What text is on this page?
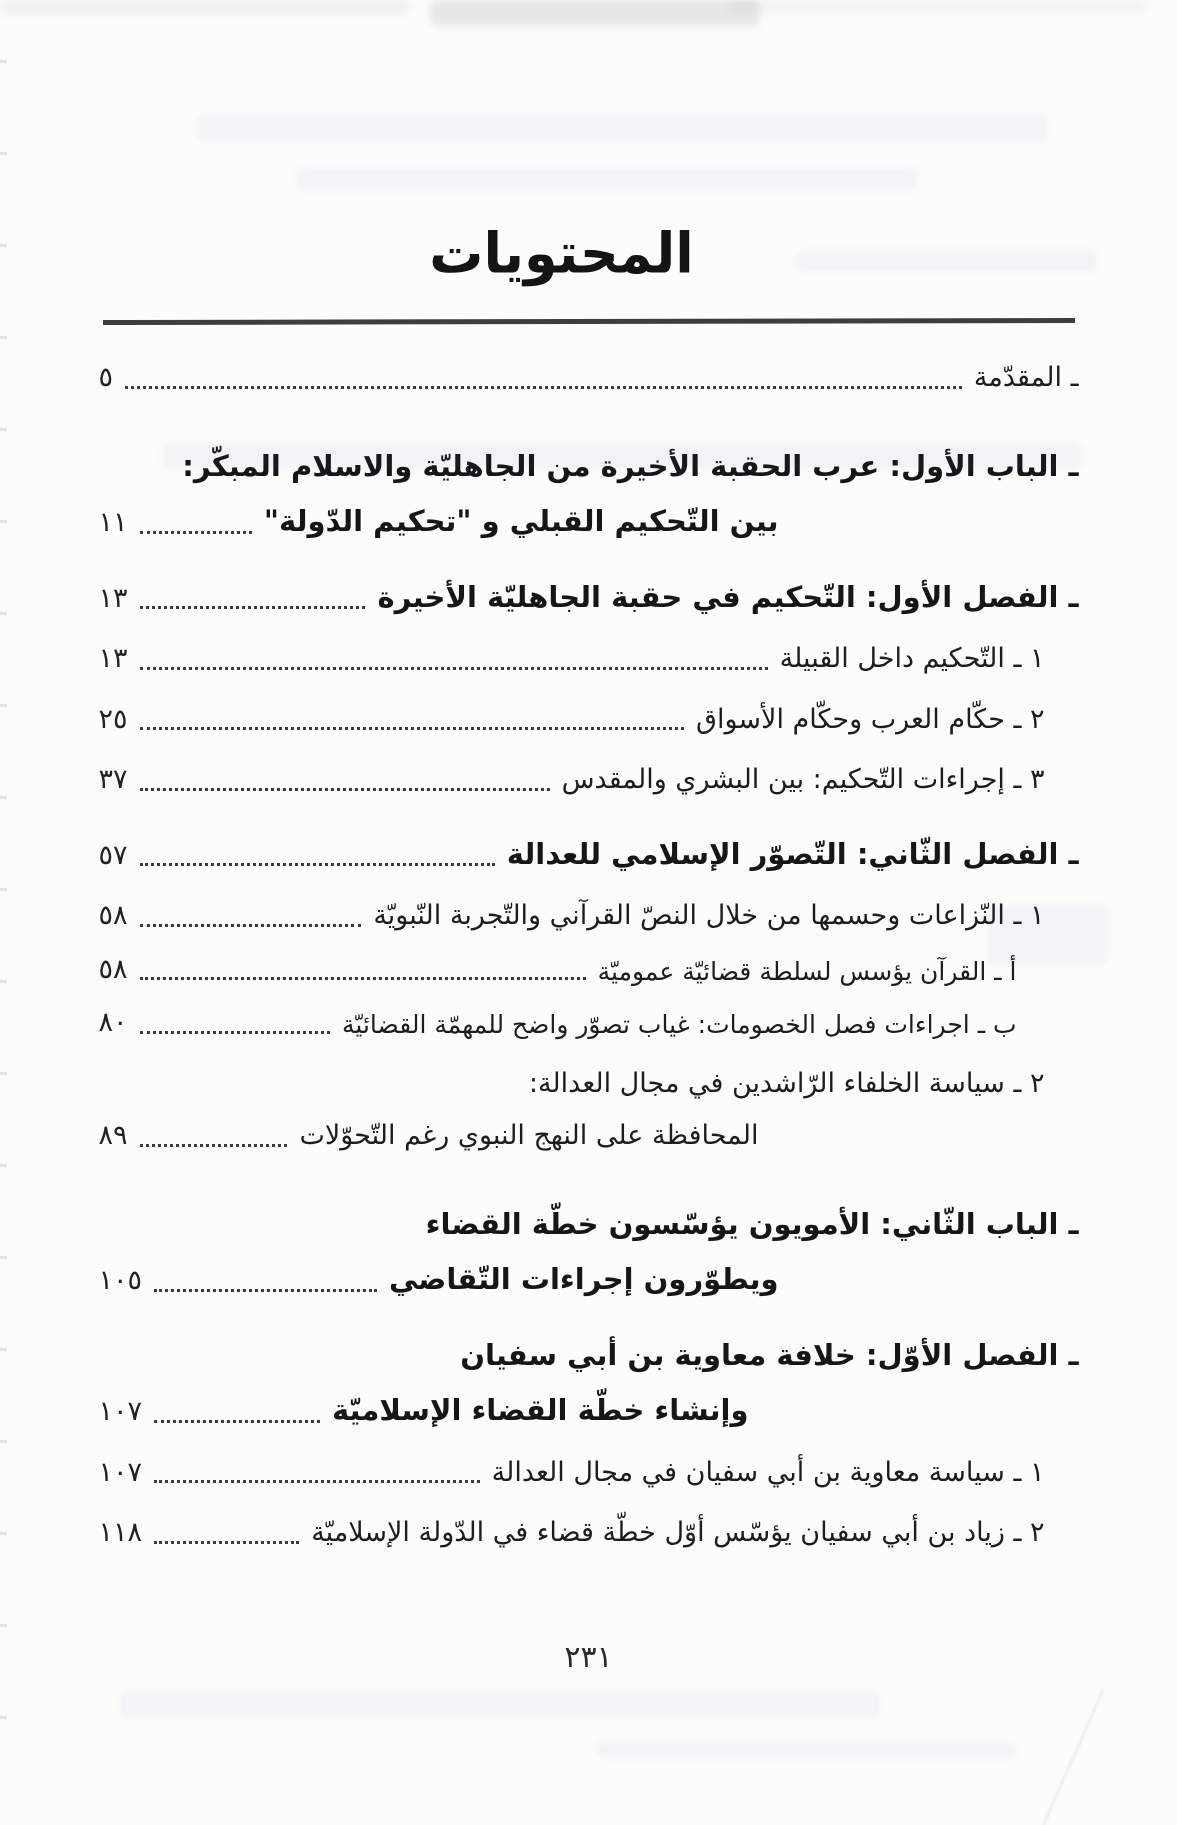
المحتويات
ـ المقدّمة
٥
ـ الباب الأول: عرب الحقبة الأخيرة من الجاهليّة والاسلام المبكّر:
بين التّحكيم القبلي و "تحكيم الدّولة"
١١
ـ الفصل الأول: التّحكيم في حقبة الجاهليّة الأخيرة
١٣
١ ـ التّحكيم داخل القبيلة
١٣
٢ ـ حكّام العرب وحكّام الأسواق
٢٥
٣ ـ إجراءات التّحكيم: بين البشري والمقدس
٣٧
ـ الفصل الثّاني: التّصوّر الإسلامي للعدالة
٥٧
١ ـ النّزاعات وحسمها من خلال النصّ القرآني والتّجربة النّبويّة
٥٨
أ ـ القرآن يؤسس لسلطة قضائيّة عموميّة
٥٨
ب ـ اجراءات فصل الخصومات: غياب تصوّر واضح للمهمّة القضائيّة
٨٠
٢ ـ سياسة الخلفاء الرّاشدين في مجال العدالة:
المحافظة على النهج النبوي رغم التّحوّلات
٨٩
ـ الباب الثّاني: الأمويون يؤسّسون خطّة القضاء
ويطوّرون إجراءات التّقاضي
١٠٥
ـ الفصل الأوّل: خلافة معاوية بن أبي سفيان
وإنشاء خطّة القضاء الإسلاميّة
١٠٧
١ ـ سياسة معاوية بن أبي سفيان في مجال العدالة
١٠٧
٢ ـ زياد بن أبي سفيان يؤسّس أوّل خطّة قضاء في الدّولة الإسلاميّة
١١٨
٢٣١
